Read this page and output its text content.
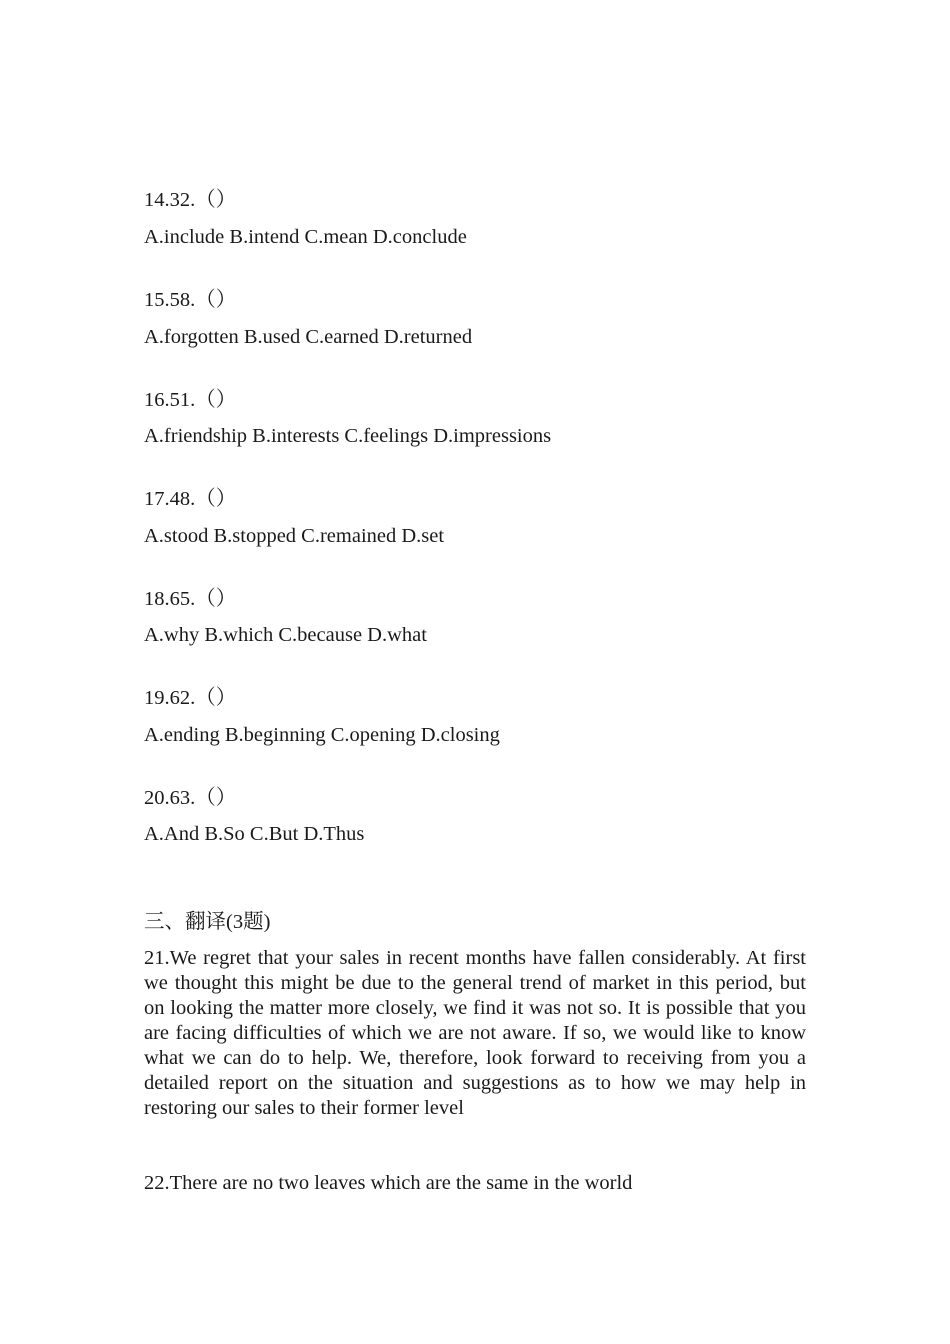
14.32.（）
A.include B.intend C.mean D.conclude
15.58.（）
A.forgotten B.used C.earned D.returned
16.51.（）
A.friendship B.interests C.feelings D.impressions
17.48.（）
A.stood B.stopped C.remained D.set
18.65.（）
A.why B.which C.because D.what
19.62.（）
A.ending B.beginning C.opening D.closing
20.63.（）
A.And B.So C.But D.Thus
三、翻译(3题)
21.We regret that your sales in recent months have fallen considerably. At first we thought this might be due to the general trend of market in this period, but on looking the matter more closely, we find it was not so. It is possible that you are facing difficulties of which we are not aware. If so, we would like to know what we can do to help. We, therefore, look forward to receiving from you a detailed report on the situation and suggestions as to how we may help in restoring our sales to their former level
22.There are no two leaves which are the same in the world
